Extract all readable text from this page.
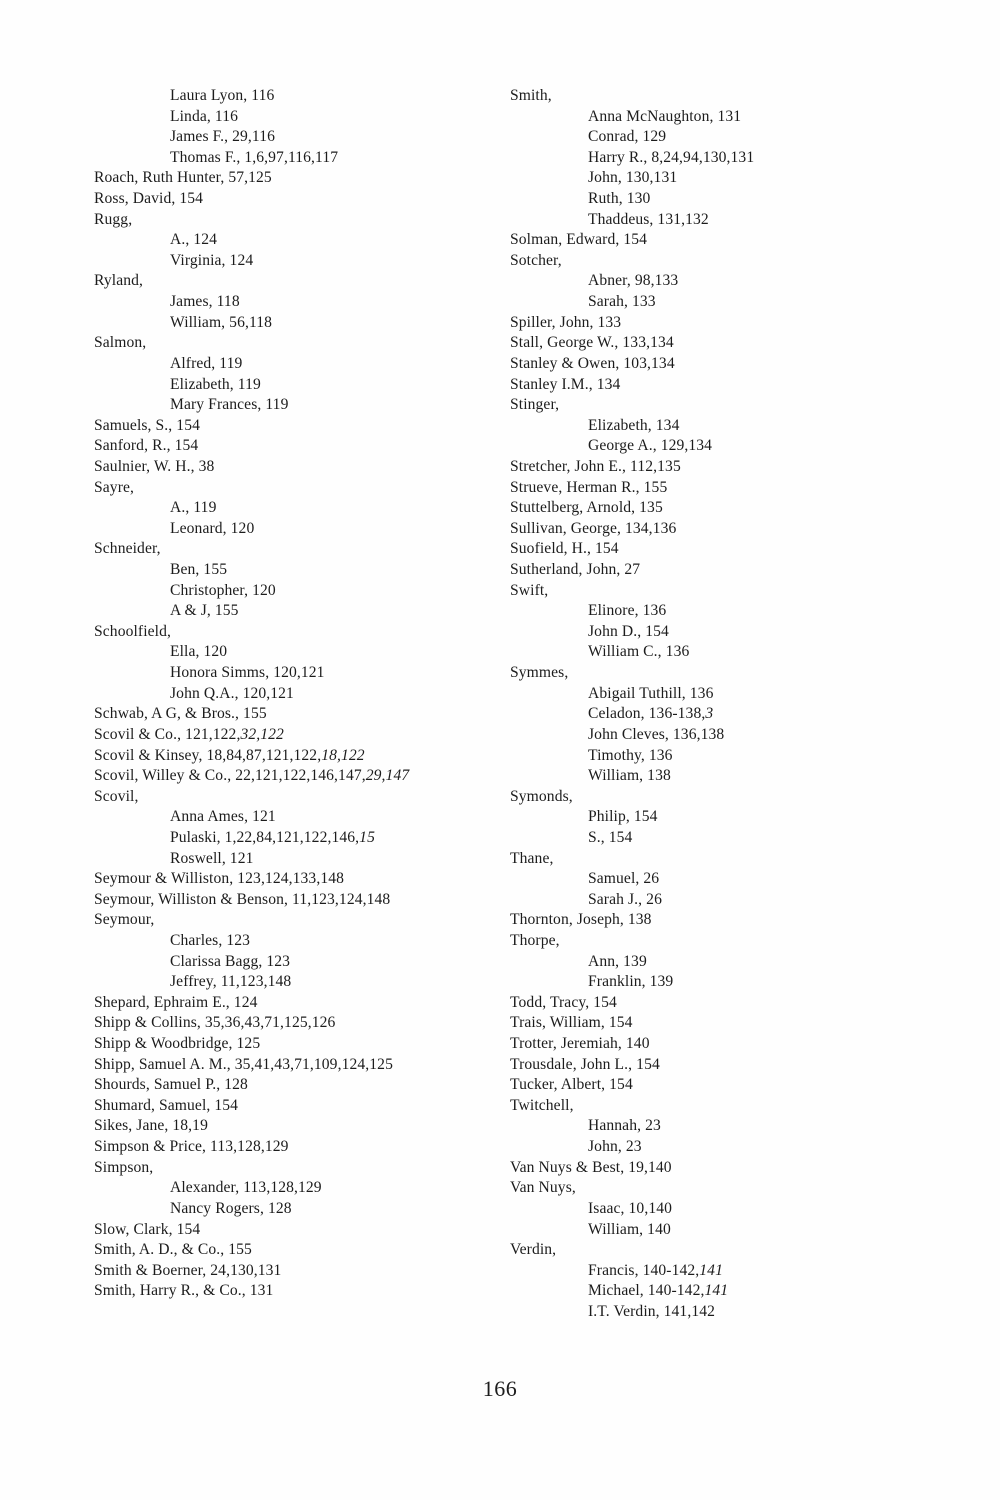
Laura Lyon, 116
Linda, 116
James F., 29,116
Thomas F., 1,6,97,116,117
Roach, Ruth Hunter, 57,125
Ross, David, 154
Rugg,
A., 124
Virginia, 124
Ryland,
James, 118
William, 56,118
Salmon,
Alfred, 119
Elizabeth, 119
Mary Frances, 119
Samuels, S., 154
Sanford, R., 154
Saulnier, W. H., 38
Sayre,
A., 119
Leonard, 120
Schneider,
Ben, 155
Christopher, 120
A & J, 155
Schoolfield,
Ella, 120
Honora Simms, 120,121
John Q.A., 120,121
Schwab, A G, & Bros., 155
Scovil & Co., 121,122,32,122
Scovil & Kinsey, 18,84,87,121,122,18,122
Scovil, Willey & Co., 22,121,122,146,147,29,147
Scovil,
Anna Ames, 121
Pulaski, 1,22,84,121,122,146,15
Roswell, 121
Seymour & Williston, 123,124,133,148
Seymour, Williston & Benson, 11,123,124,148
Seymour,
Charles, 123
Clarissa Bagg, 123
Jeffrey, 11,123,148
Shepard, Ephraim E., 124
Shipp & Collins, 35,36,43,71,125,126
Shipp & Woodbridge, 125
Shipp, Samuel A. M., 35,41,43,71,109,124,125
Shourds, Samuel P., 128
Shumard, Samuel, 154
Sikes, Jane, 18,19
Simpson & Price, 113,128,129
Simpson,
Alexander, 113,128,129
Nancy Rogers, 128
Slow, Clark, 154
Smith, A. D., & Co., 155
Smith & Boerner, 24,130,131
Smith, Harry R., & Co., 131
Smith,
Anna McNaughton, 131
Conrad, 129
Harry R., 8,24,94,130,131
John, 130,131
Ruth, 130
Thaddeus, 131,132
Solman, Edward, 154
Sotcher,
Abner, 98,133
Sarah, 133
Spiller, John, 133
Stall, George W., 133,134
Stanley & Owen, 103,134
Stanley I.M., 134
Stinger,
Elizabeth, 134
George A., 129,134
Stretcher, John E., 112,135
Strueve, Herman R., 155
Stuttelberg, Arnold, 135
Sullivan, George, 134,136
Suofield, H., 154
Sutherland, John, 27
Swift,
Elinore, 136
John D., 154
William C., 136
Symmes,
Abigail Tuthill, 136
Celadon, 136-138,3
John Cleves, 136,138
Timothy, 136
William, 138
Symonds,
Philip, 154
S., 154
Thane,
Samuel, 26
Sarah J., 26
Thornton, Joseph, 138
Thorpe,
Ann, 139
Franklin, 139
Todd, Tracy, 154
Trais, William, 154
Trotter, Jeremiah, 140
Trousdale, John L., 154
Tucker, Albert, 154
Twitchell,
Hannah, 23
John, 23
Van Nuys & Best, 19,140
Van Nuys,
Isaac, 10,140
William, 140
Verdin,
Francis, 140-142,141
Michael, 140-142,141
I.T. Verdin, 141,142
166
